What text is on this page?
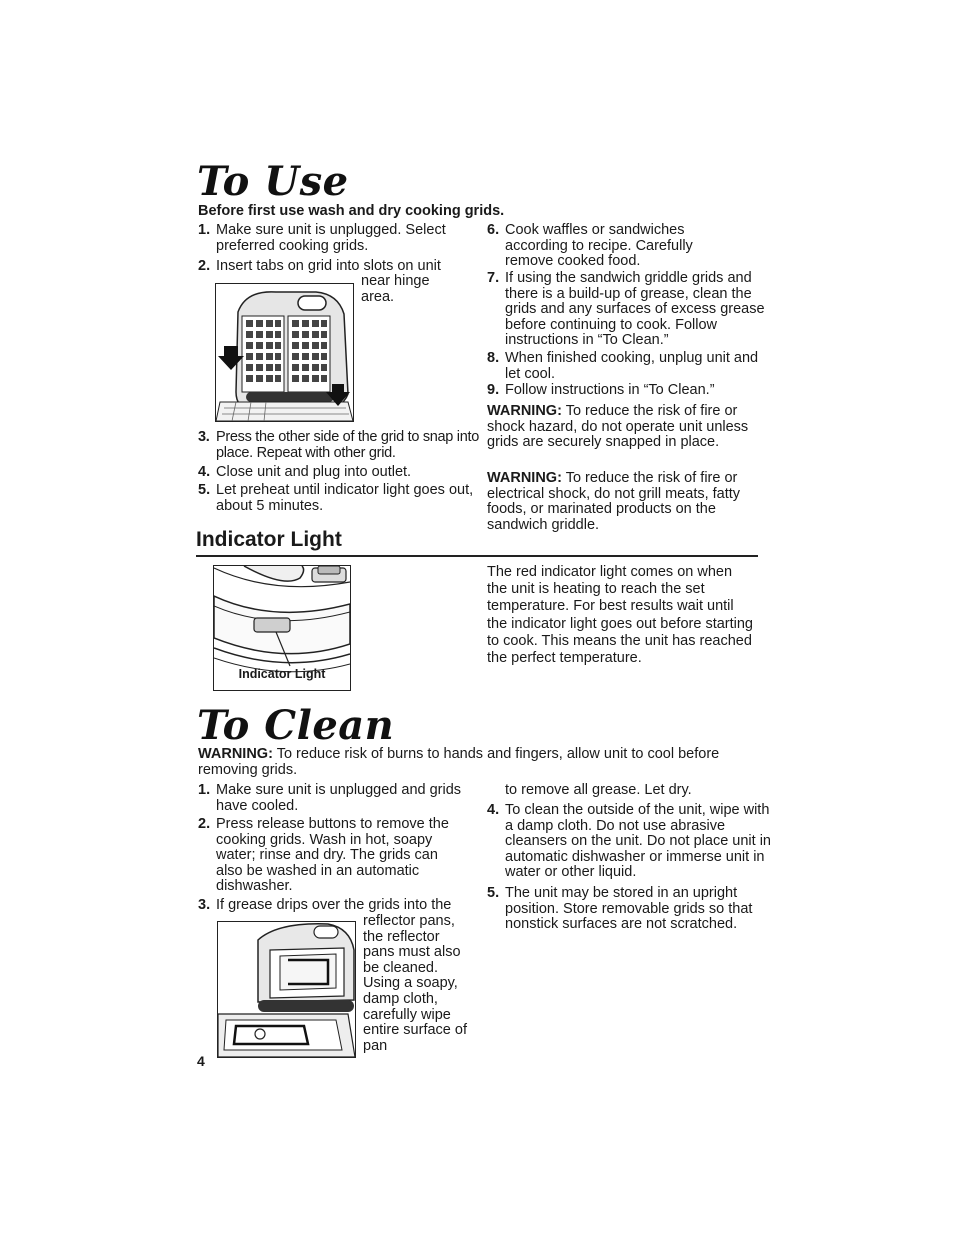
To Use
Before first use wash and dry cooking grids.
1. Make sure unit is unplugged. Select preferred cooking grids.
2. Insert tabs on grid into slots on unit
near hinge area.
3. Press the other side of the grid to snap into place. Repeat with other grid.
4. Close unit and plug into outlet.
5. Let preheat until indicator light goes out, about 5 minutes.
6. Cook waffles or sandwiches according to recipe. Carefully remove cooked food.
7. If using the sandwich griddle grids and there is a build-up of grease, clean the grids and any surfaces of excess grease before continuing to cook. Follow instructions in “To Clean.”
8. When finished cooking, unplug unit and let cool.
9. Follow instructions in “To Clean.”
WARNING: To reduce the risk of fire or shock hazard, do not operate unit unless grids are securely snapped in place.
WARNING: To reduce the risk of fire or electrical shock, do not grill meats, fatty foods, or marinated products on the sandwich griddle.
Indicator Light
Indicator Light
The red indicator light comes on when the unit is heating to reach the set temperature. For best results wait until the indicator light goes out before starting to cook. This means the unit has reached the perfect temperature.
To Clean
WARNING: To reduce risk of burns to hands and fingers, allow unit to cool before removing grids.
1. Make sure unit is unplugged and grids have cooled.
2. Press release buttons to remove the cooking grids. Wash in hot, soapy water; rinse and dry. The grids can also be washed in an automatic dishwasher.
3. If grease drips over the grids into the
reflector pans, the reflector pans must also be cleaned. Using a soapy, damp cloth, carefully wipe entire surface of pan
4
to remove all grease. Let dry.
4. To clean the outside of the unit, wipe with a damp cloth. Do not use abrasive cleansers on the unit. Do not place unit in automatic dishwasher or immerse unit in water or other liquid.
5. The unit may be stored in an upright position. Store removable grids so that nonstick surfaces are not scratched.
